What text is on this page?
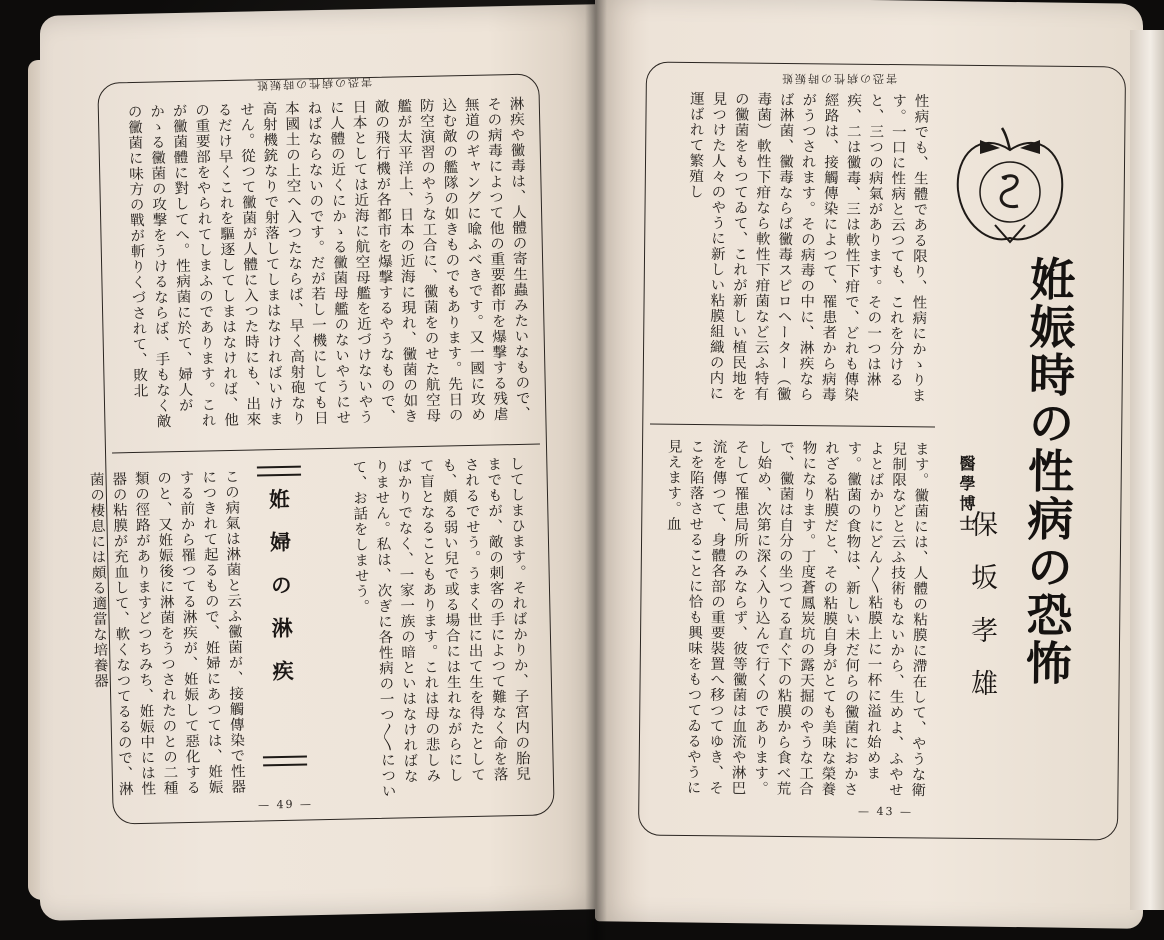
害恐の病性の時娠姙
淋疾や黴毒は、人體の寄生蟲みたいなもので、その病毒によつて他の重要都市を爆撃する残虐無道のギャングに喩ふべきです。又一國に攻め込む敵の艦隊の如きものでもあります。先日の防空演習のやうな工合に、黴菌をのせた航空母艦が太平洋上、日本の近海に現れ、黴菌の如き敵の飛行機が各都市を爆撃するやうなもので、日本としては近海に航空母艦を近づけないやうに人體の近くにかゝる黴菌母艦のないやうにせねばならないのです。だが若し一機にしても日本國土の上空へ入つたならば、早く高射砲なり高射機銃なりで射落してしまはなければいけません。從つて黴菌が人體に入つた時にも、出來るだけ早くこれを驅逐してしまはなければ、他の重要部をやられてしまふのであります。これが黴菌體に對してへ。性病菌に於て、婦人がかゝる黴菌の攻撃をうけるならば、手もなく敵の黴菌に味方の戰が斬りくづされて、敗北
してしまひます。そればかりか、子宮内の胎兒までもが、敵の刺客の手によつて難なく命を落されるでせう。うまく世に出て生を得たとしても、頗る弱い兒で或る場合には生れながらにして盲となることもあります。これは母の悲しみばかりでなく、一家一族の暗といはなければなりません。私は、次ぎに各性病の一つ〳〵について、お話をしませう。
姙婦の淋疾
この病氣は淋菌と云ふ黴菌が、接觸傳染で性器につきれて起るもので、姙婦にあつては、姙娠する前から罹つてる淋疾が、姙娠して惡化するのと、又姙娠後に淋菌をうつされたのとの二種類の徑路がありますどつちみち、姙娠中には性器の粘膜が充血して、軟くなつてるるので、淋菌の棲息には頗る適當な培養器
— 49 —
害恐の病性の時娠姙
性病でも、生體である限り、性病にかゝります。一口に性病と云つても、これを分けると、三つの病氣があります。その一つは淋疾、二は黴毒、三は軟性下疳で、どれも傳染經路は、接觸傳染によつて、罹患者から病毒がうつされます。その病毒の中に、淋疾ならば淋菌、黴毒ならば黴毒スピロヘーター（黴毒菌）軟性下疳なら軟性下疳菌など云ふ特有の黴菌をもつてゐて、これが新しい植民地を見つけた人々のやうに新しい粘膜組織の内に運ばれて繁殖し
ます。黴菌には、人體の粘膜に滯在して、やうな衛兒制限などと云ふ技術もないから、生めよ、ふやせよとばかりにどん〳〵粘膜上に一杯に溢れ始めます。黴菌の食物は、新しい未だ何らの黴菌におかされざる粘膜だと、その粘膜自身がとても美味な榮養物になります。丁度蒼鳳炭坑の露天掘のやうな工合で、黴菌は自分の坐つてる直ぐ下の粘膜から食べ荒し始め、次第に深く入り込んで行くのであります。そして罹患局所のみならず、彼等黴菌は血流や淋巴流を傳つて、身體各部の重要裝置へ移つてゆき、そこを陷落させることに恰も興味をもつてゐるやうに見えます。血	姙娠時の性病の恐怖
醫學博士
保坂孝雄
— 43 —
